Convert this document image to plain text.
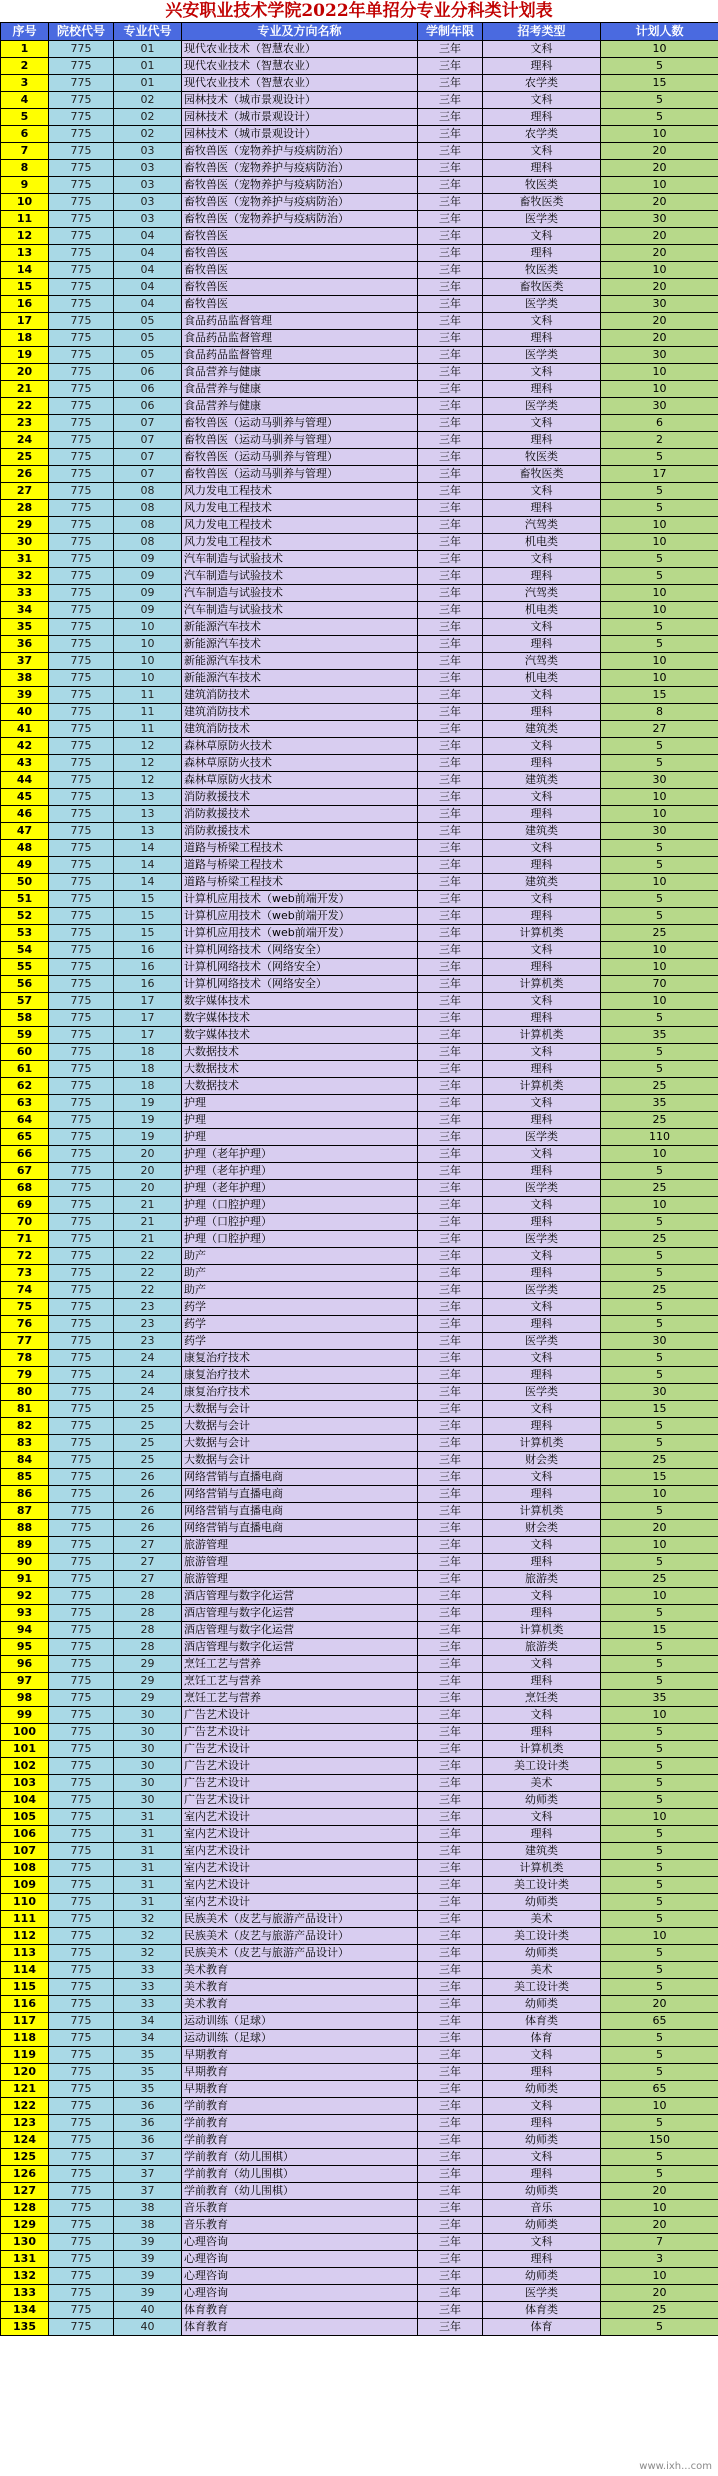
兴安职业技术学院2022年单招分专业分科类计划表
序号	院校代号	专业代号	专业及方向名称	学制年限	招考类型	计划人数
1	775	01	现代农业技术（智慧农业）	三年	文科	10
2	775	01	现代农业技术（智慧农业）	三年	理科	5
3	775	01	现代农业技术（智慧农业）	三年	农学类	15
4	775	02	园林技术（城市景观设计）	三年	文科	5
5	775	02	园林技术（城市景观设计）	三年	理科	5
6	775	02	园林技术（城市景观设计）	三年	农学类	10
7	775	03	畜牧兽医（宠物养护与疫病防治）	三年	文科	20
8	775	03	畜牧兽医（宠物养护与疫病防治）	三年	理科	20
9	775	03	畜牧兽医（宠物养护与疫病防治）	三年	牧医类	10
10	775	03	畜牧兽医（宠物养护与疫病防治）	三年	畜牧医类	20
11	775	03	畜牧兽医（宠物养护与疫病防治）	三年	医学类	30
12	775	04	畜牧兽医	三年	文科	20
13	775	04	畜牧兽医	三年	理科	20
14	775	04	畜牧兽医	三年	牧医类	10
15	775	04	畜牧兽医	三年	畜牧医类	20
16	775	04	畜牧兽医	三年	医学类	30
17	775	05	食品药品监督管理	三年	文科	20
18	775	05	食品药品监督管理	三年	理科	20
19	775	05	食品药品监督管理	三年	医学类	30
20	775	06	食品营养与健康	三年	文科	10
21	775	06	食品营养与健康	三年	理科	10
22	775	06	食品营养与健康	三年	医学类	30
23	775	07	畜牧兽医（运动马驯养与管理）	三年	文科	6
24	775	07	畜牧兽医（运动马驯养与管理）	三年	理科	2
25	775	07	畜牧兽医（运动马驯养与管理）	三年	牧医类	5
26	775	07	畜牧兽医（运动马驯养与管理）	三年	畜牧医类	17
27	775	08	风力发电工程技术	三年	文科	5
28	775	08	风力发电工程技术	三年	理科	5
29	775	08	风力发电工程技术	三年	汽驾类	10
30	775	08	风力发电工程技术	三年	机电类	10
31	775	09	汽车制造与试验技术	三年	文科	5
32	775	09	汽车制造与试验技术	三年	理科	5
33	775	09	汽车制造与试验技术	三年	汽驾类	10
34	775	09	汽车制造与试验技术	三年	机电类	10
35	775	10	新能源汽车技术	三年	文科	5
36	775	10	新能源汽车技术	三年	理科	5
37	775	10	新能源汽车技术	三年	汽驾类	10
38	775	10	新能源汽车技术	三年	机电类	10
39	775	11	建筑消防技术	三年	文科	15
40	775	11	建筑消防技术	三年	理科	8
41	775	11	建筑消防技术	三年	建筑类	27
42	775	12	森林草原防火技术	三年	文科	5
43	775	12	森林草原防火技术	三年	理科	5
44	775	12	森林草原防火技术	三年	建筑类	30
45	775	13	消防救援技术	三年	文科	10
46	775	13	消防救援技术	三年	理科	10
47	775	13	消防救援技术	三年	建筑类	30
48	775	14	道路与桥梁工程技术	三年	文科	5
49	775	14	道路与桥梁工程技术	三年	理科	5
50	775	14	道路与桥梁工程技术	三年	建筑类	10
51	775	15	计算机应用技术（web前端开发）	三年	文科	5
52	775	15	计算机应用技术（web前端开发）	三年	理科	5
53	775	15	计算机应用技术（web前端开发）	三年	计算机类	25
54	775	16	计算机网络技术（网络安全）	三年	文科	10
55	775	16	计算机网络技术（网络安全）	三年	理科	10
56	775	16	计算机网络技术（网络安全）	三年	计算机类	70
57	775	17	数字媒体技术	三年	文科	10
58	775	17	数字媒体技术	三年	理科	5
59	775	17	数字媒体技术	三年	计算机类	35
60	775	18	大数据技术	三年	文科	5
61	775	18	大数据技术	三年	理科	5
62	775	18	大数据技术	三年	计算机类	25
63	775	19	护理	三年	文科	35
64	775	19	护理	三年	理科	25
65	775	19	护理	三年	医学类	110
66	775	20	护理（老年护理）	三年	文科	10
67	775	20	护理（老年护理）	三年	理科	5
68	775	20	护理（老年护理）	三年	医学类	25
69	775	21	护理（口腔护理）	三年	文科	10
70	775	21	护理（口腔护理）	三年	理科	5
71	775	21	护理（口腔护理）	三年	医学类	25
72	775	22	助产	三年	文科	5
73	775	22	助产	三年	理科	5
74	775	22	助产	三年	医学类	25
75	775	23	药学	三年	文科	5
76	775	23	药学	三年	理科	5
77	775	23	药学	三年	医学类	30
78	775	24	康复治疗技术	三年	文科	5
79	775	24	康复治疗技术	三年	理科	5
80	775	24	康复治疗技术	三年	医学类	30
81	775	25	大数据与会计	三年	文科	15
82	775	25	大数据与会计	三年	理科	5
83	775	25	大数据与会计	三年	计算机类	5
84	775	25	大数据与会计	三年	财会类	25
85	775	26	网络营销与直播电商	三年	文科	15
86	775	26	网络营销与直播电商	三年	理科	10
87	775	26	网络营销与直播电商	三年	计算机类	5
88	775	26	网络营销与直播电商	三年	财会类	20
89	775	27	旅游管理	三年	文科	10
90	775	27	旅游管理	三年	理科	5
91	775	27	旅游管理	三年	旅游类	25
92	775	28	酒店管理与数字化运营	三年	文科	10
93	775	28	酒店管理与数字化运营	三年	理科	5
94	775	28	酒店管理与数字化运营	三年	计算机类	15
95	775	28	酒店管理与数字化运营	三年	旅游类	5
96	775	29	烹饪工艺与营养	三年	文科	5
97	775	29	烹饪工艺与营养	三年	理科	5
98	775	29	烹饪工艺与营养	三年	烹饪类	35
99	775	30	广告艺术设计	三年	文科	10
100	775	30	广告艺术设计	三年	理科	5
101	775	30	广告艺术设计	三年	计算机类	5
102	775	30	广告艺术设计	三年	美工设计类	5
103	775	30	广告艺术设计	三年	美术	5
104	775	30	广告艺术设计	三年	幼师类	5
105	775	31	室内艺术设计	三年	文科	10
106	775	31	室内艺术设计	三年	理科	5
107	775	31	室内艺术设计	三年	建筑类	5
108	775	31	室内艺术设计	三年	计算机类	5
109	775	31	室内艺术设计	三年	美工设计类	5
110	775	31	室内艺术设计	三年	幼师类	5
111	775	32	民族美术（皮艺与旅游产品设计）	三年	美术	5
112	775	32	民族美术（皮艺与旅游产品设计）	三年	美工设计类	10
113	775	32	民族美术（皮艺与旅游产品设计）	三年	幼师类	5
114	775	33	美术教育	三年	美术	5
115	775	33	美术教育	三年	美工设计类	5
116	775	33	美术教育	三年	幼师类	20
117	775	34	运动训练（足球）	三年	体育类	65
118	775	34	运动训练（足球）	三年	体育	5
119	775	35	早期教育	三年	文科	5
120	775	35	早期教育	三年	理科	5
121	775	35	早期教育	三年	幼师类	65
122	775	36	学前教育	三年	文科	10
123	775	36	学前教育	三年	理科	5
124	775	36	学前教育	三年	幼师类	150
125	775	37	学前教育（幼儿围棋）	三年	文科	5
126	775	37	学前教育（幼儿围棋）	三年	理科	5
127	775	37	学前教育（幼儿围棋）	三年	幼师类	20
128	775	38	音乐教育	三年	音乐	10
129	775	38	音乐教育	三年	幼师类	20
130	775	39	心理咨询	三年	文科	7
131	775	39	心理咨询	三年	理科	3
132	775	39	心理咨询	三年	幼师类	10
133	775	39	心理咨询	三年	医学类	20
134	775	40	体育教育	三年	体育类	25
135	775	40	体育教育	三年	体育	5
www.ixh...com
